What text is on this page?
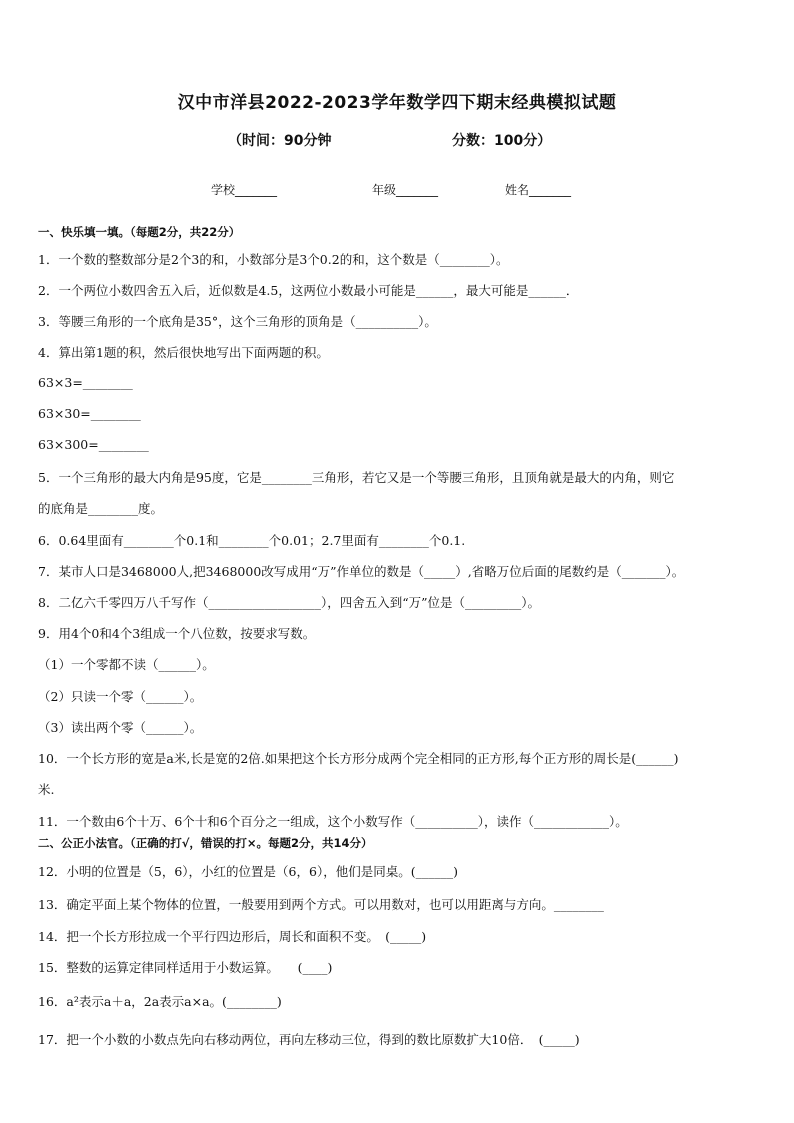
汉中市洋县2022-2023学年数学四下期末经典模拟试题
（时间：90分钟	分数：100分）
学校_______	年级_______	姓名_______
一、快乐填一填。（每题2分，共22分）
1．一个数的整数部分是2个3的和，小数部分是3个0.2的和，这个数是（________）。
2．一个两位小数四舍五入后，近似数是4.5，这两位小数最小可能是______，最大可能是______．
3．等腰三角形的一个底角是35°，这个三角形的顶角是（__________）。
4．算出第1题的积，然后很快地写出下面两题的积。
63×3=________
63×30=________
63×300=________
5．一个三角形的最大内角是95度，它是________三角形，若它又是一个等腰三角形，且顶角就是最大的内角，则它
的底角是________度。
6．0.64里面有________个0.1和________个0.01；2.7里面有________个0.1.
7．某市人口是3468000人,把3468000改写成用“万”作单位的数是（_____）,省略万位后面的尾数约是（_______）。
8．二亿六千零四万八千写作（__________________），四舍五入到“万”位是（_________）。
9．用4个0和4个3组成一个八位数，按要求写数。
（1）一个零都不读（______）。
（2）只读一个零（______）。
（3）读出两个零（______）。
10．一个长方形的宽是a米,长是宽的2倍.如果把这个长方形分成两个完全相同的正方形,每个正方形的周长是(______)
米.
11．一个数由6个十万、6个十和6个百分之一组成，这个小数写作（__________），读作（____________）。
二、公正小法官。（正确的打√，错误的打×。每题2分，共14分）
12．小明的位置是（5，6），小红的位置是（6，6），他们是同桌。(______)
13．确定平面上某个物体的位置，一般要用到两个方式。可以用数对，也可以用距离与方向。________
14．把一个长方形拉成一个平行四边形后，周长和面积不变。　(_____)
15．整数的运算定律同样适用于小数运算。　　(____)
16．a²表示a＋a，2a表示a×a。(________)
17．把一个小数的小数点先向右移动两位，再向左移动三位，得到的数比原数扩大10倍．　(_____)
